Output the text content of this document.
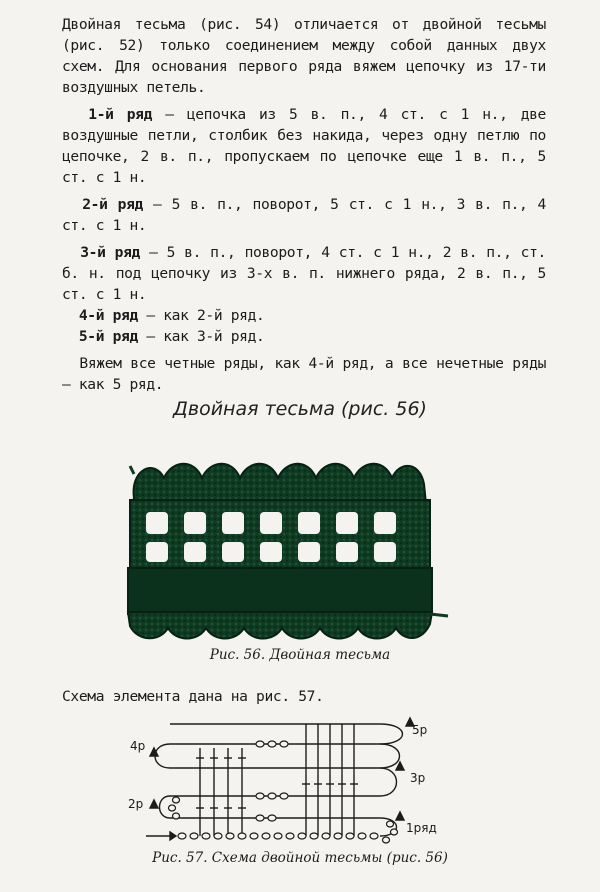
Двойная тесьма (рис. 54) отличается от двойной тесьмы (рис. 52) только соединением между собой данных двух схем. Для основания первого ряда вяжем цепочку из 17-ти воздушных петель.

1-й ряд — цепочка из 5 в. п., 4 ст. с 1 н., две воздушные петли, столбик без накида, через одну петлю по цепочке, 2 в. п., пропускаем по цепочке еще 1 в. п., 5 ст. с 1 н.

2-й ряд — 5 в. п., поворот, 5 ст. с 1 н., 3 в. п., 4 ст. с 1 н.

3-й ряд — 5 в. п., поворот, 4 ст. с 1 н., 2 в. п., ст. б. н. под цепочку из 3-х в. п. нижнего ряда, 2 в. п., 5 ст. с 1 н.

4-й ряд — как 2-й ряд.

5-й ряд — как 3-й ряд.

Вяжем все четные ряды, как 4-й ряд, а все нечетные ряды — как 5 ряд.

Двойная тесьма (рис. 56)
Рис. 56. Двойная тесьма
Схема элемента дана на рис. 57.
5р
4р
3р
2р
1ряд
Рис. 57. Схема двойной тесьмы (рис. 56)
